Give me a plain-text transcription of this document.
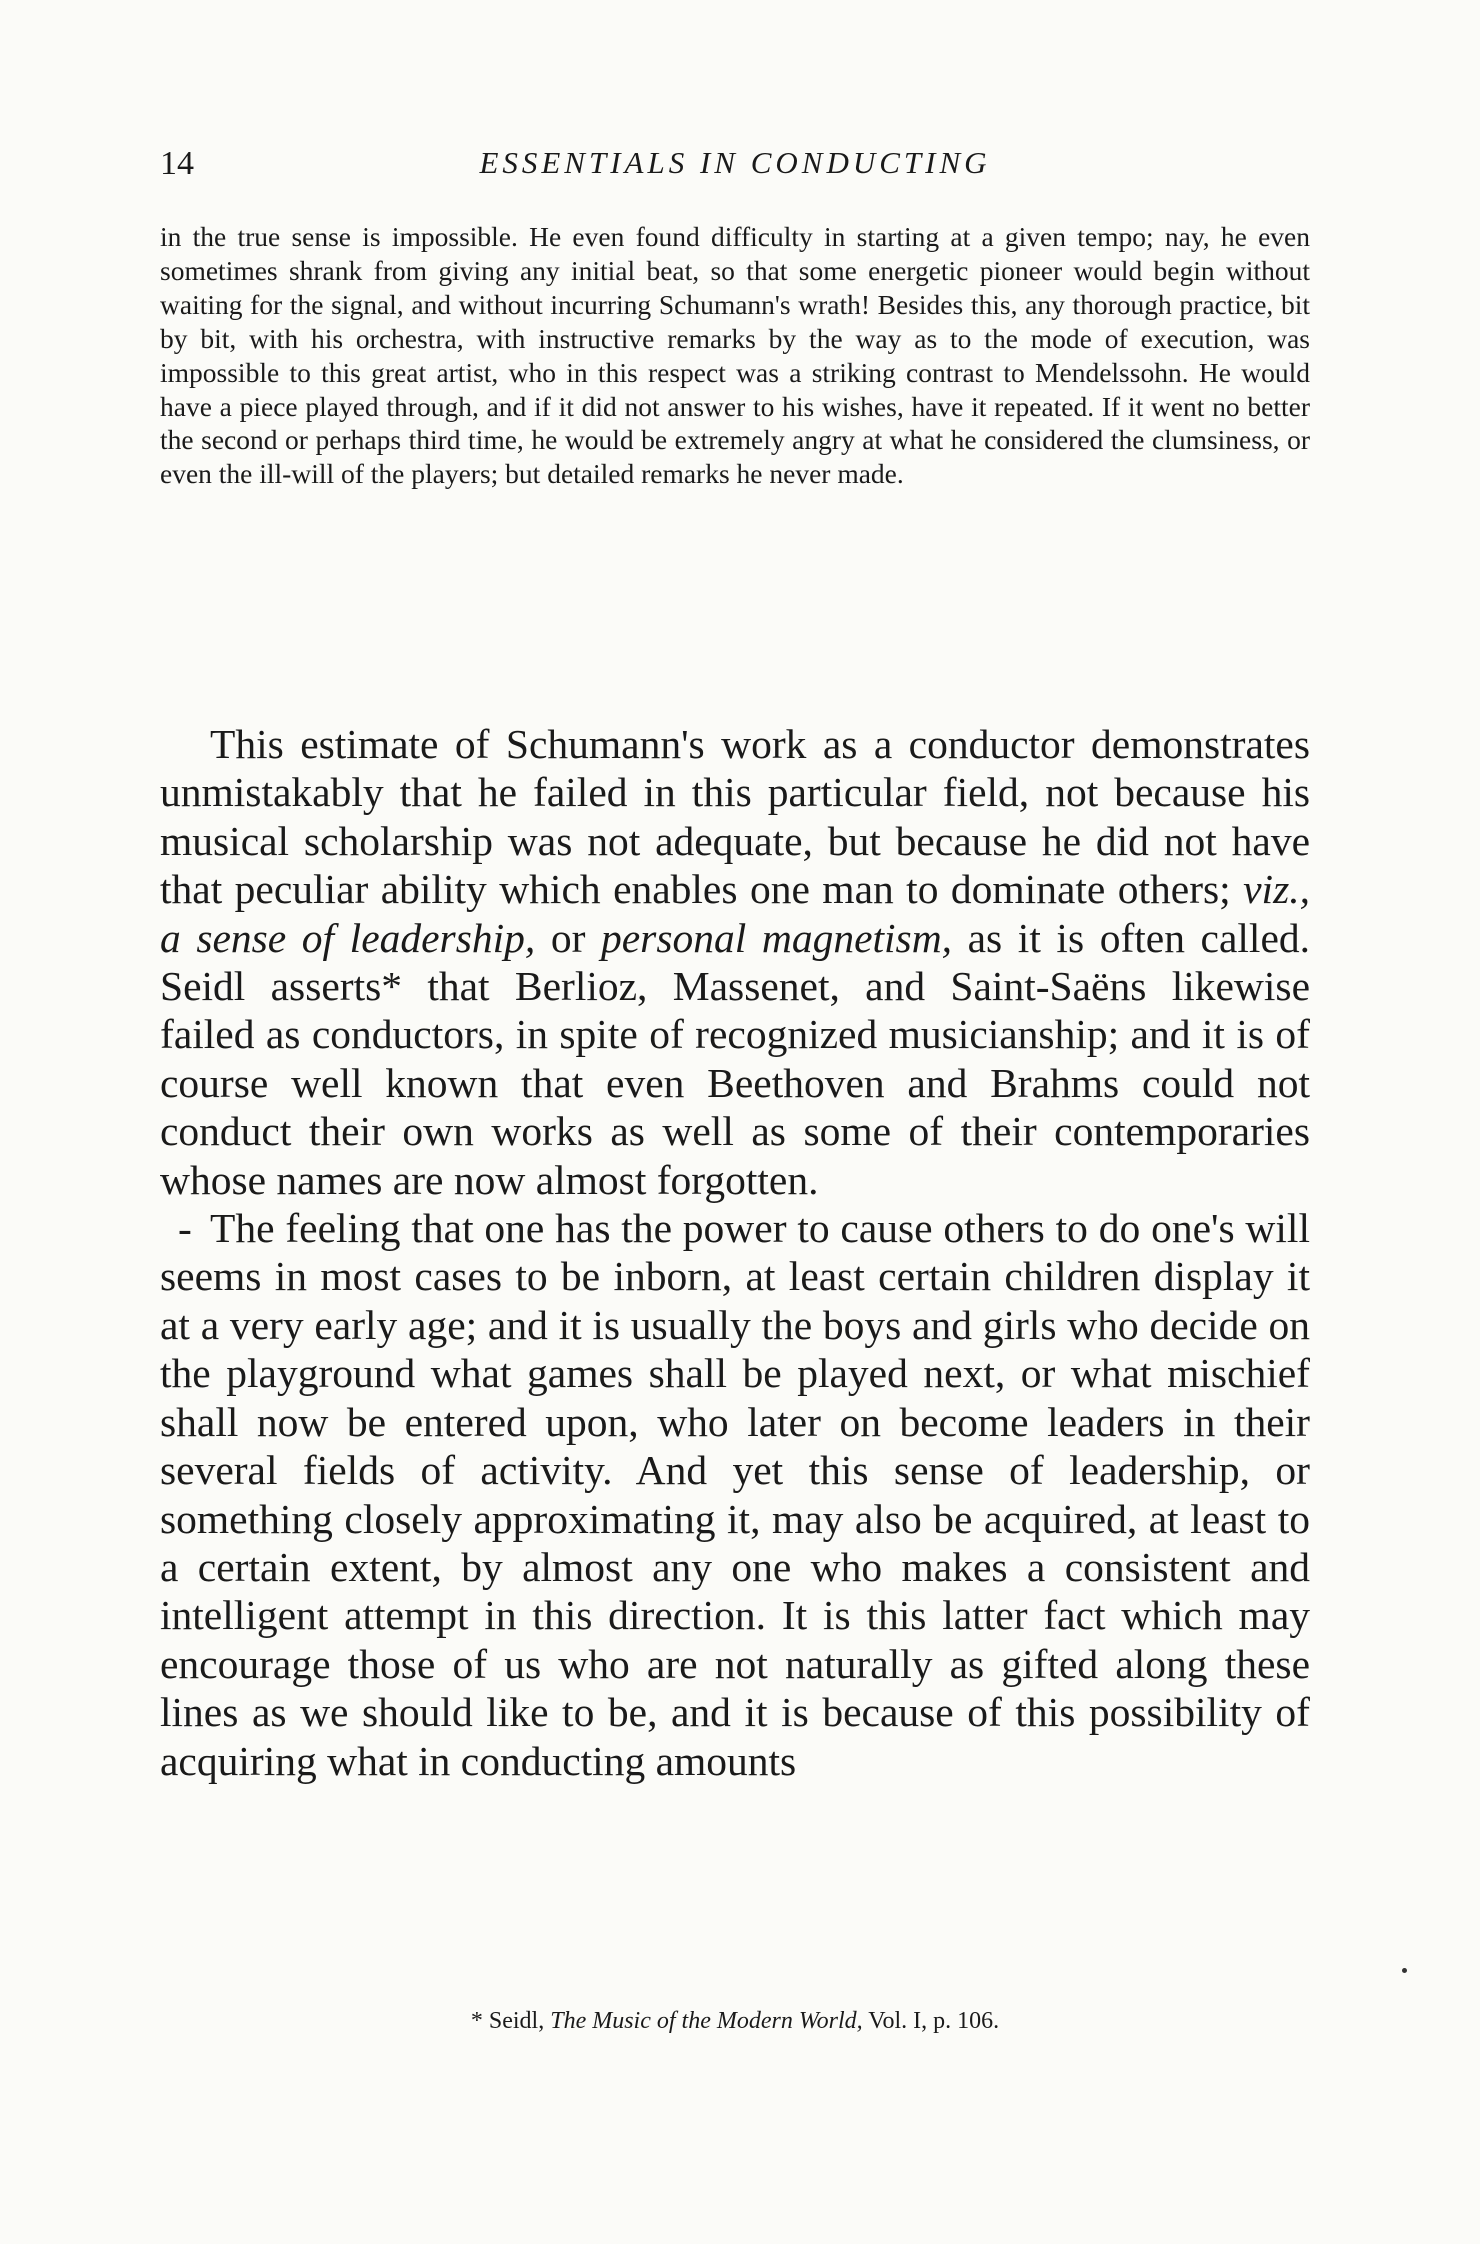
14	ESSENTIALS IN CONDUCTING

in the true sense is impossible. He even found difficulty in starting at a given tempo; nay, he even sometimes shrank from giving any initial beat, so that some energetic pioneer would begin without waiting for the signal, and without incurring Schumann's wrath! Besides this, any thorough practice, bit by bit, with his orchestra, with instructive remarks by the way as to the mode of execution, was impossible to this great artist, who in this respect was a striking contrast to Mendelssohn. He would have a piece played through, and if it did not answer to his wishes, have it repeated. If it went no better the second or perhaps third time, he would be extremely angry at what he considered the clumsiness, or even the ill-will of the players; but detailed remarks he never made.

This estimate of Schumann's work as a conductor demonstrates unmistakably that he failed in this particular field, not because his musical scholarship was not adequate, but because he did not have that peculiar ability which enables one man to dominate others; viz., a sense of leadership, or personal magnetism, as it is often called. Seidl asserts* that Berlioz, Massenet, and Saint-Saëns likewise failed as conductors, in spite of recognized musicianship; and it is of course well known that even Beethoven and Brahms could not conduct their own works as well as some of their contemporaries whose names are now almost forgotten.

- The feeling that one has the power to cause others to do one's will seems in most cases to be inborn, at least certain children display it at a very early age; and it is usually the boys and girls who decide on the playground what games shall be played next, or what mischief shall now be entered upon, who later on become leaders in their several fields of activity. And yet this sense of leadership, or something closely approximating it, may also be acquired, at least to a certain extent, by almost any one who makes a consistent and intelligent attempt in this direction. It is this latter fact which may encourage those of us who are not naturally as gifted along these lines as we should like to be, and it is because of this possibility of acquiring what in conducting amounts

* Seidl, The Music of the Modern World, Vol. I, p. 106.
